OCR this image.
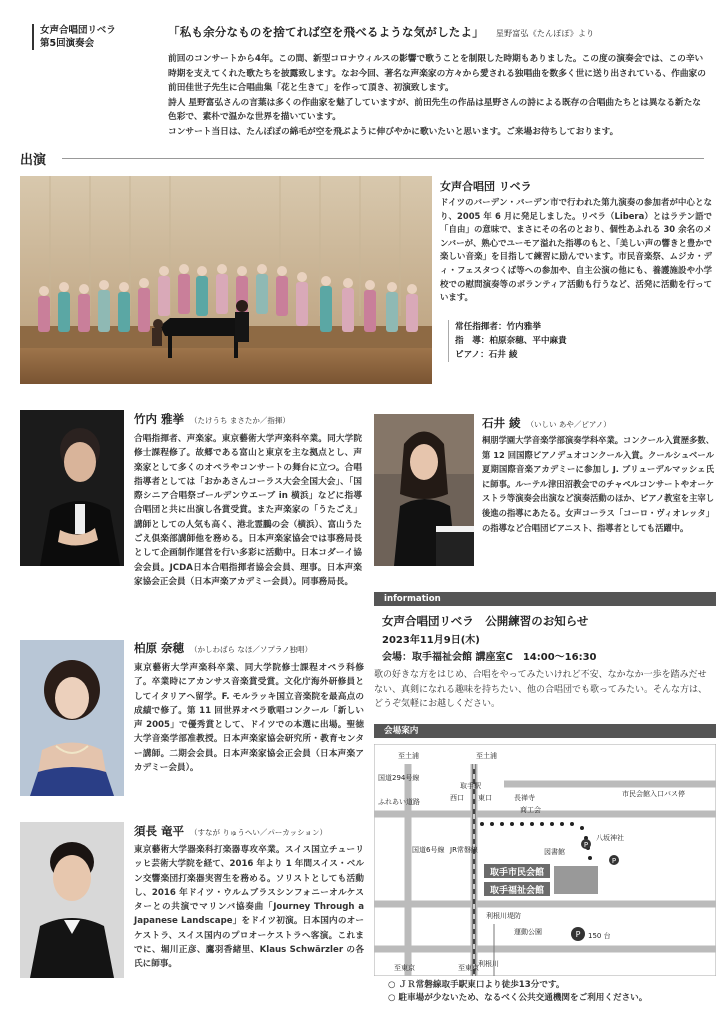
女声合唱団リベラ
第5回演奏会
「私も余分なものを捨てれば空を飛べるような気がしたよ」 星野富弘《たんぽぽ》より

前回のコンサートから4年。この間、新型コロナウィルスの影響で歌うことを制限した時期もありました。この度の演奏会では、この辛い時期を支えてくれた歌たちを披露致します。なお今回、著名な声楽家の方々から愛される独唱曲を数多く世に送り出されている、作曲家の前田佳世子先生に合唱曲集「花と生きて」を作って頂き、初演致します。

詩人 星野富弘さんの言葉は多くの作曲家を魅了していますが、前田先生の作品は星野さんの詩による既存の合唱曲たちとは異なる新たな色彩で、素朴で温かな世界を描いています。

コンサート当日は、たんぽぽの綿毛が空を飛ぶように伸びやかに歌いたいと思います。ご来場お待ちしております。

出演
女声合唱団 リベラ
ドイツのバーデン・バーデン市で行われた第九演奏の参加者が中心となり、2005 年 6 月に発足しました。リベラ（Libera）とはラテン語で「自由」の意味で、まさにその名のとおり、個性あふれる 30 余名のメンバーが、熟心でユーモア溢れた指導のもと、「美しい声の響きと豊かで楽しい音楽」を目指して練習に励んでいます。市民音楽祭、ムジカ・ディ・フェスタつくば等への参加や、自主公演の他にも、養護施設や小学校での慰問演奏等のボランティア活動も行うなど、活発に活動を行っています。
常任指揮者：竹内雅挙
指　導：柏原奈穂、平中麻貴
ピアノ：石井 綾
竹内 雅挙 （たけうち まさたか／指揮）
合唱指揮者、声楽家。東京藝術大学声楽科卒業。同大学院修士課程修了。故郷である富山と東京を主な拠点とし、声楽家として多くのオペラやコンサートの舞台に立つ。合唱指導者としては「おかあさんコーラス大会全国大会」、「国際シニア合唱祭ゴールデンウエーブ in 横浜」などに指導合唱団と共に出演し各賞受賞。また声楽家の「うたごえ」講師としての人気も高く、港北霊鵬の会（横浜）、富山うたごえ倶楽部講師他を務める。日本声楽家協会では事務局長として企画制作運営を行い多彩に活動中。日本コダーイ協会会員。JCDA日本合唱指揮者協会会員、理事。日本声楽家協会正会員（日本声楽アカデミー会員）。同事務局長。
石井 綾 （いしい あや／ピアノ）
桐朋学園大学音楽学部演奏学科卒業。コンクール入賞歴多数、第 12 回国際ピアノデュオコンクール入賞。クールシュベール夏期国際音楽アカデミーに参加し J. ブリューデルマッシェ氏に師事。ルーテル津田沼教会でのチャペルコンサートやオーケストラ等演奏会出演など演奏活動のほか、ピアノ教室を主宰し後進の指導にあたる。女声コーラス「コーロ・ヴィオレッタ」の指導など合唱団ピアニスト、指導者としても活躍中。
information
女声合唱団リベラ　公開練習のお知らせ
2023年11月9日(木)
会場：取手福祉会館 講座室C　14:00〜16:30
歌の好きな方をはじめ、合唱をやってみたいけれど不安、なかなか一歩を踏みだせない、真剣になれる趣味を持ちたい、他の合唱団でも歌ってみたい。そんな方は、どうぞ気軽にお越しください。
柏原 奈穂 （かしわばら なほ／ソプラノ独唱）
東京藝術大学声楽科卒業、同大学院修士課程オペラ科修了。卒業時にアカンサス音楽賞受賞。文化庁海外研修員としてイタリアへ留学。F. モルラッキ国立音楽院を最高点の成績で修了。第 11 回世界オペラ歌唱コンクール「新しい声 2005」で優秀賞として、ドイツでの本選に出場。聖徳大学音楽学部准教授。日本声楽家協会研究所・教育センター講師。二期会会員。日本声楽家協会正会員（日本声楽アカデミー会員）。
須長 竜平 （すなが りゅうへい／パーカッション）
東京藝術大学器楽科打楽器専攻卒業。スイス国立チューリッヒ芸術大学院を経て、2016 年より 1 年間スイス・ベルン交響楽団打楽器実習生を務める。ソリストとしても活動し、2016 年ドイツ・ウルムブラスシンフォニーオルケスターとの共演でマリンバ協奏曲「Journey Through a Japanese Landscape」をドイツ初演。日本国内のオーケストラ、スイス国内のプロオーケストラへ客演。これまでに、堀川正彦、鷹羽香緒里、Klaus Schwärzler の各氏に師事。
会場案内
取手市民会館
取手福祉会館
P
P
P 150 台
至土浦	至土浦
国道294号線
ふれあい道路	西口 東口
取手駅
長禅寺
商工会
市民会館入口バス停
国道6号線 JR常磐線
八坂神社
図書館
利根川堤防
運動公園
利根川
至東京	至東京
○ ＪＲ常磐線取手駅東口より徒歩13分です。
○ 駐車場が少ないため、なるべく公共交通機関をご利用ください。
